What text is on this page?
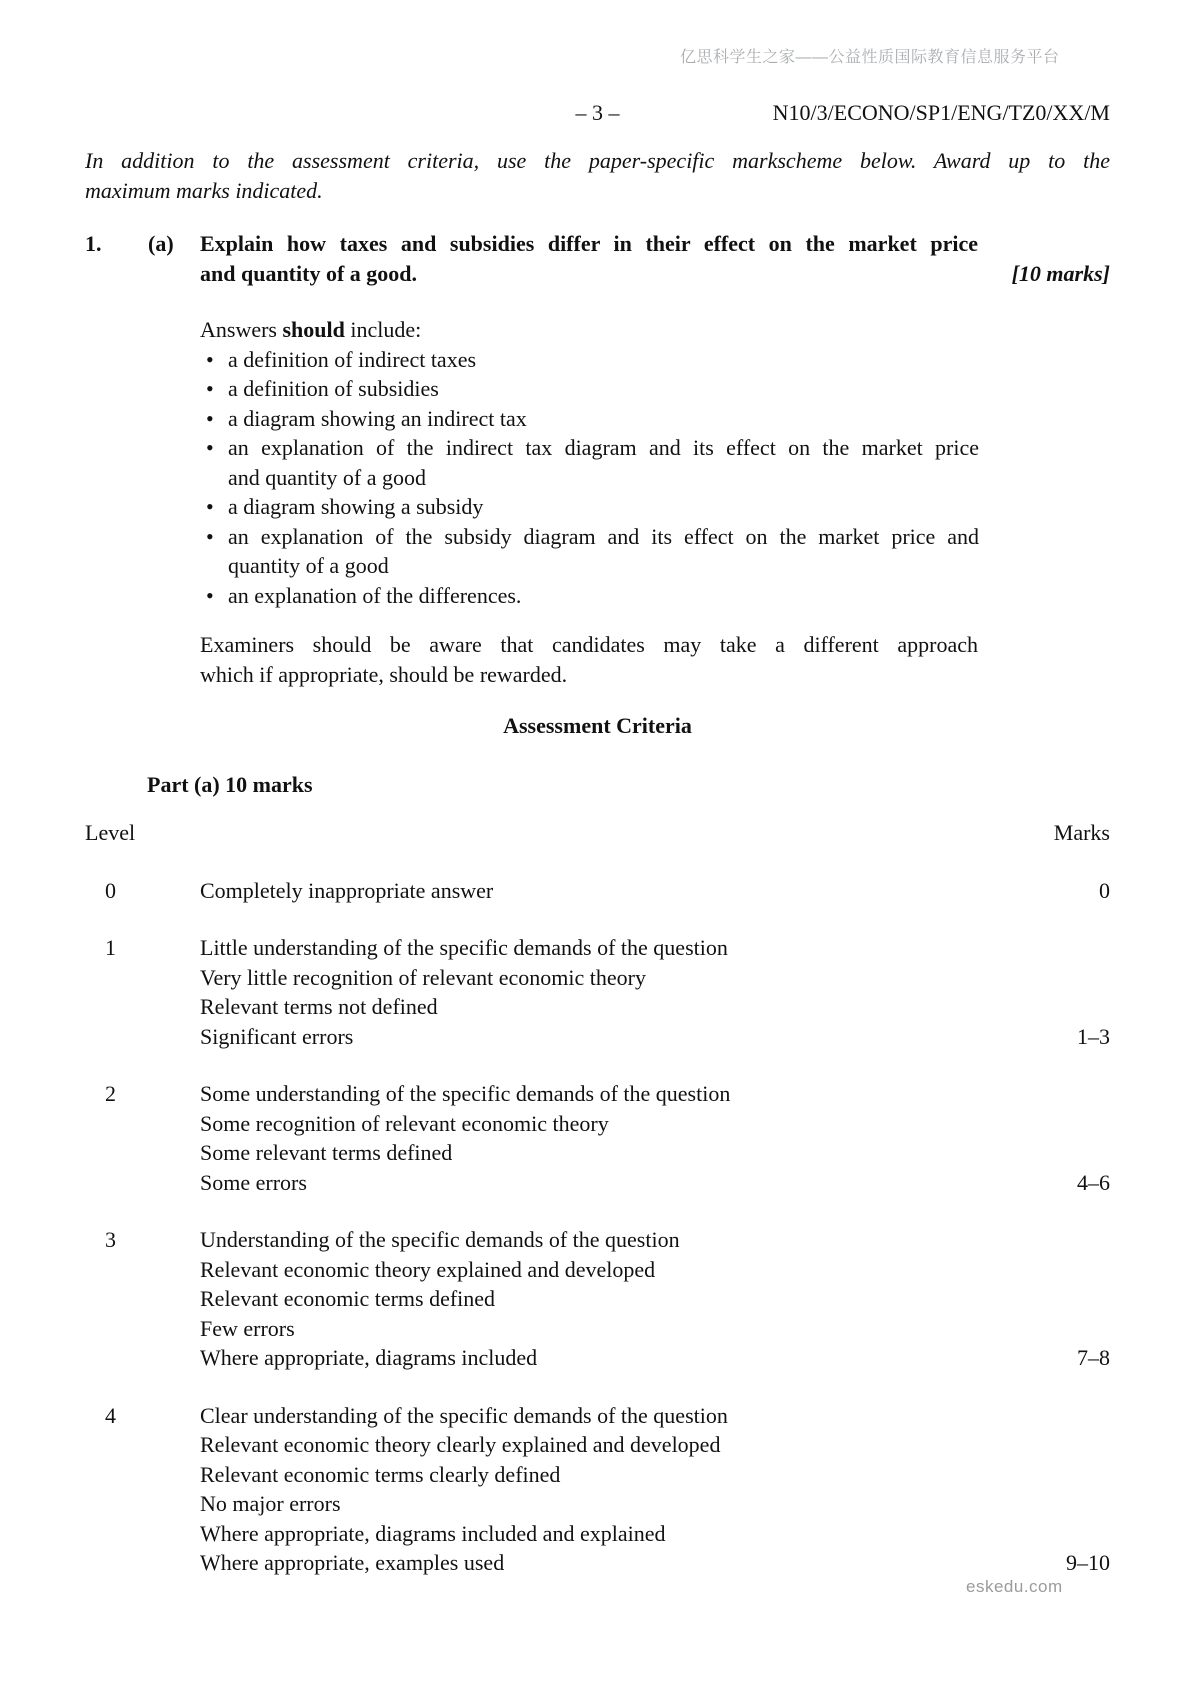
亿思科学生之家——公益性质国际教育信息服务平台
– 3 –	N10/3/ECONO/SP1/ENG/TZ0/XX/M
In addition to the assessment criteria, use the paper-specific markscheme below. Award up to the
maximum marks indicated.
1.	(a)	Explain how taxes and subsidies differ in their effect on the market price
and quantity of a good.	[10 marks]
Answers should include:
• a definition of indirect taxes
• a definition of subsidies
• a diagram showing an indirect tax
• an explanation of the indirect tax diagram and its effect on the market price
and quantity of a good
• a diagram showing a subsidy
• an explanation of the subsidy diagram and its effect on the market price and
quantity of a good
• an explanation of the differences.
Examiners should be aware that candidates may take a different approach
which if appropriate, should be rewarded.
Assessment Criteria
Part (a) 10 marks
Level	Marks
0	Completely inappropriate answer	0
1	Little understanding of the specific demands of the question
Very little recognition of relevant economic theory
Relevant terms not defined
Significant errors	1–3
2	Some understanding of the specific demands of the question
Some recognition of relevant economic theory
Some relevant terms defined
Some errors	4–6
3	Understanding of the specific demands of the question
Relevant economic theory explained and developed
Relevant economic terms defined
Few errors
Where appropriate, diagrams included	7–8
4	Clear understanding of the specific demands of the question
Relevant economic theory clearly explained and developed
Relevant economic terms clearly defined
No major errors
Where appropriate, diagrams included and explained
Where appropriate, examples used	9–10
eskedu.com
